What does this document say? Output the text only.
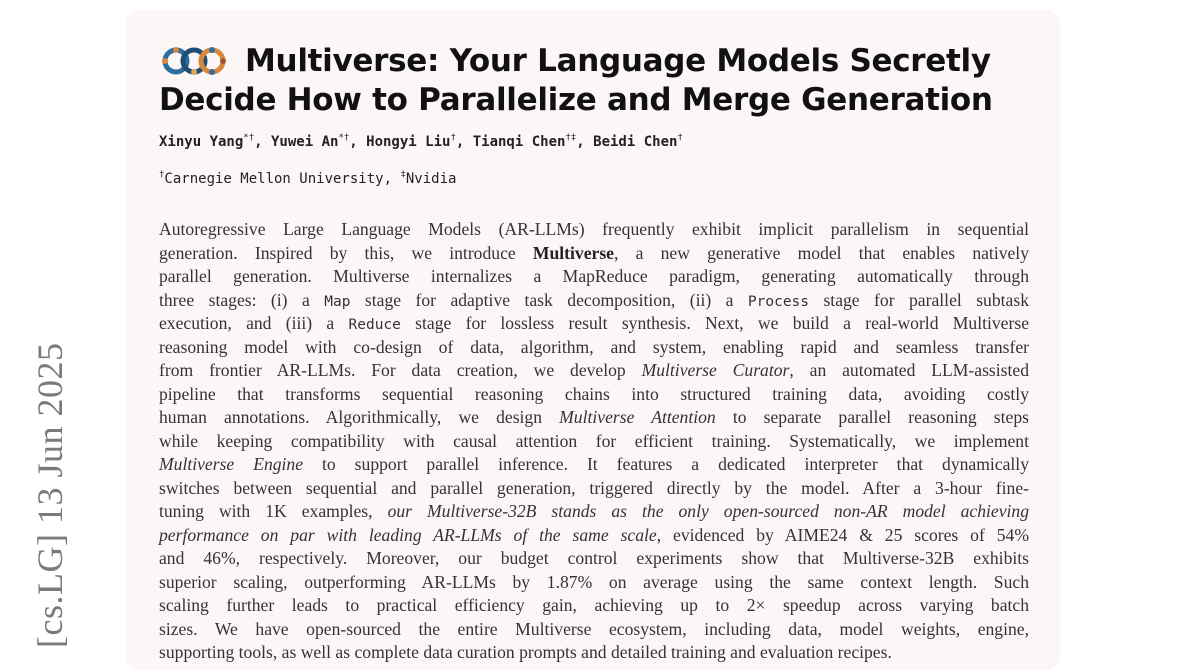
[cs.LG] 13 Jun 2025
Multiverse: Your Language Models Secretly
Decide How to Parallelize and Merge Generation
Xinyu Yang*†, Yuwei An*†, Hongyi Liu†, Tianqi Chen†‡, Beidi Chen†
†Carnegie Mellon University, ‡Nvidia
Autoregressive Large Language Models (AR-LLMs) frequently exhibit implicit parallelism in sequential
generation. Inspired by this, we introduce Multiverse, a new generative model that enables natively
parallel generation. Multiverse internalizes a MapReduce paradigm, generating automatically through
three stages: (i) a Map stage for adaptive task decomposition, (ii) a Process stage for parallel subtask
execution, and (iii) a Reduce stage for lossless result synthesis. Next, we build a real-world Multiverse
reasoning model with co-design of data, algorithm, and system, enabling rapid and seamless transfer
from frontier AR-LLMs. For data creation, we develop Multiverse Curator, an automated LLM-assisted
pipeline that transforms sequential reasoning chains into structured training data, avoiding costly
human annotations. Algorithmically, we design Multiverse Attention to separate parallel reasoning steps
while keeping compatibility with causal attention for efficient training. Systematically, we implement
Multiverse Engine to support parallel inference. It features a dedicated interpreter that dynamically
switches between sequential and parallel generation, triggered directly by the model. After a 3-hour fine-
tuning with 1K examples, our Multiverse-32B stands as the only open-sourced non-AR model achieving
performance on par with leading AR-LLMs of the same scale, evidenced by AIME24 & 25 scores of 54%
and 46%, respectively. Moreover, our budget control experiments show that Multiverse-32B exhibits
superior scaling, outperforming AR-LLMs by 1.87% on average using the same context length. Such
scaling further leads to practical efficiency gain, achieving up to 2× speedup across varying batch
sizes. We have open-sourced the entire Multiverse ecosystem, including data, model weights, engine,
supporting tools, as well as complete data curation prompts and detailed training and evaluation recipes.
